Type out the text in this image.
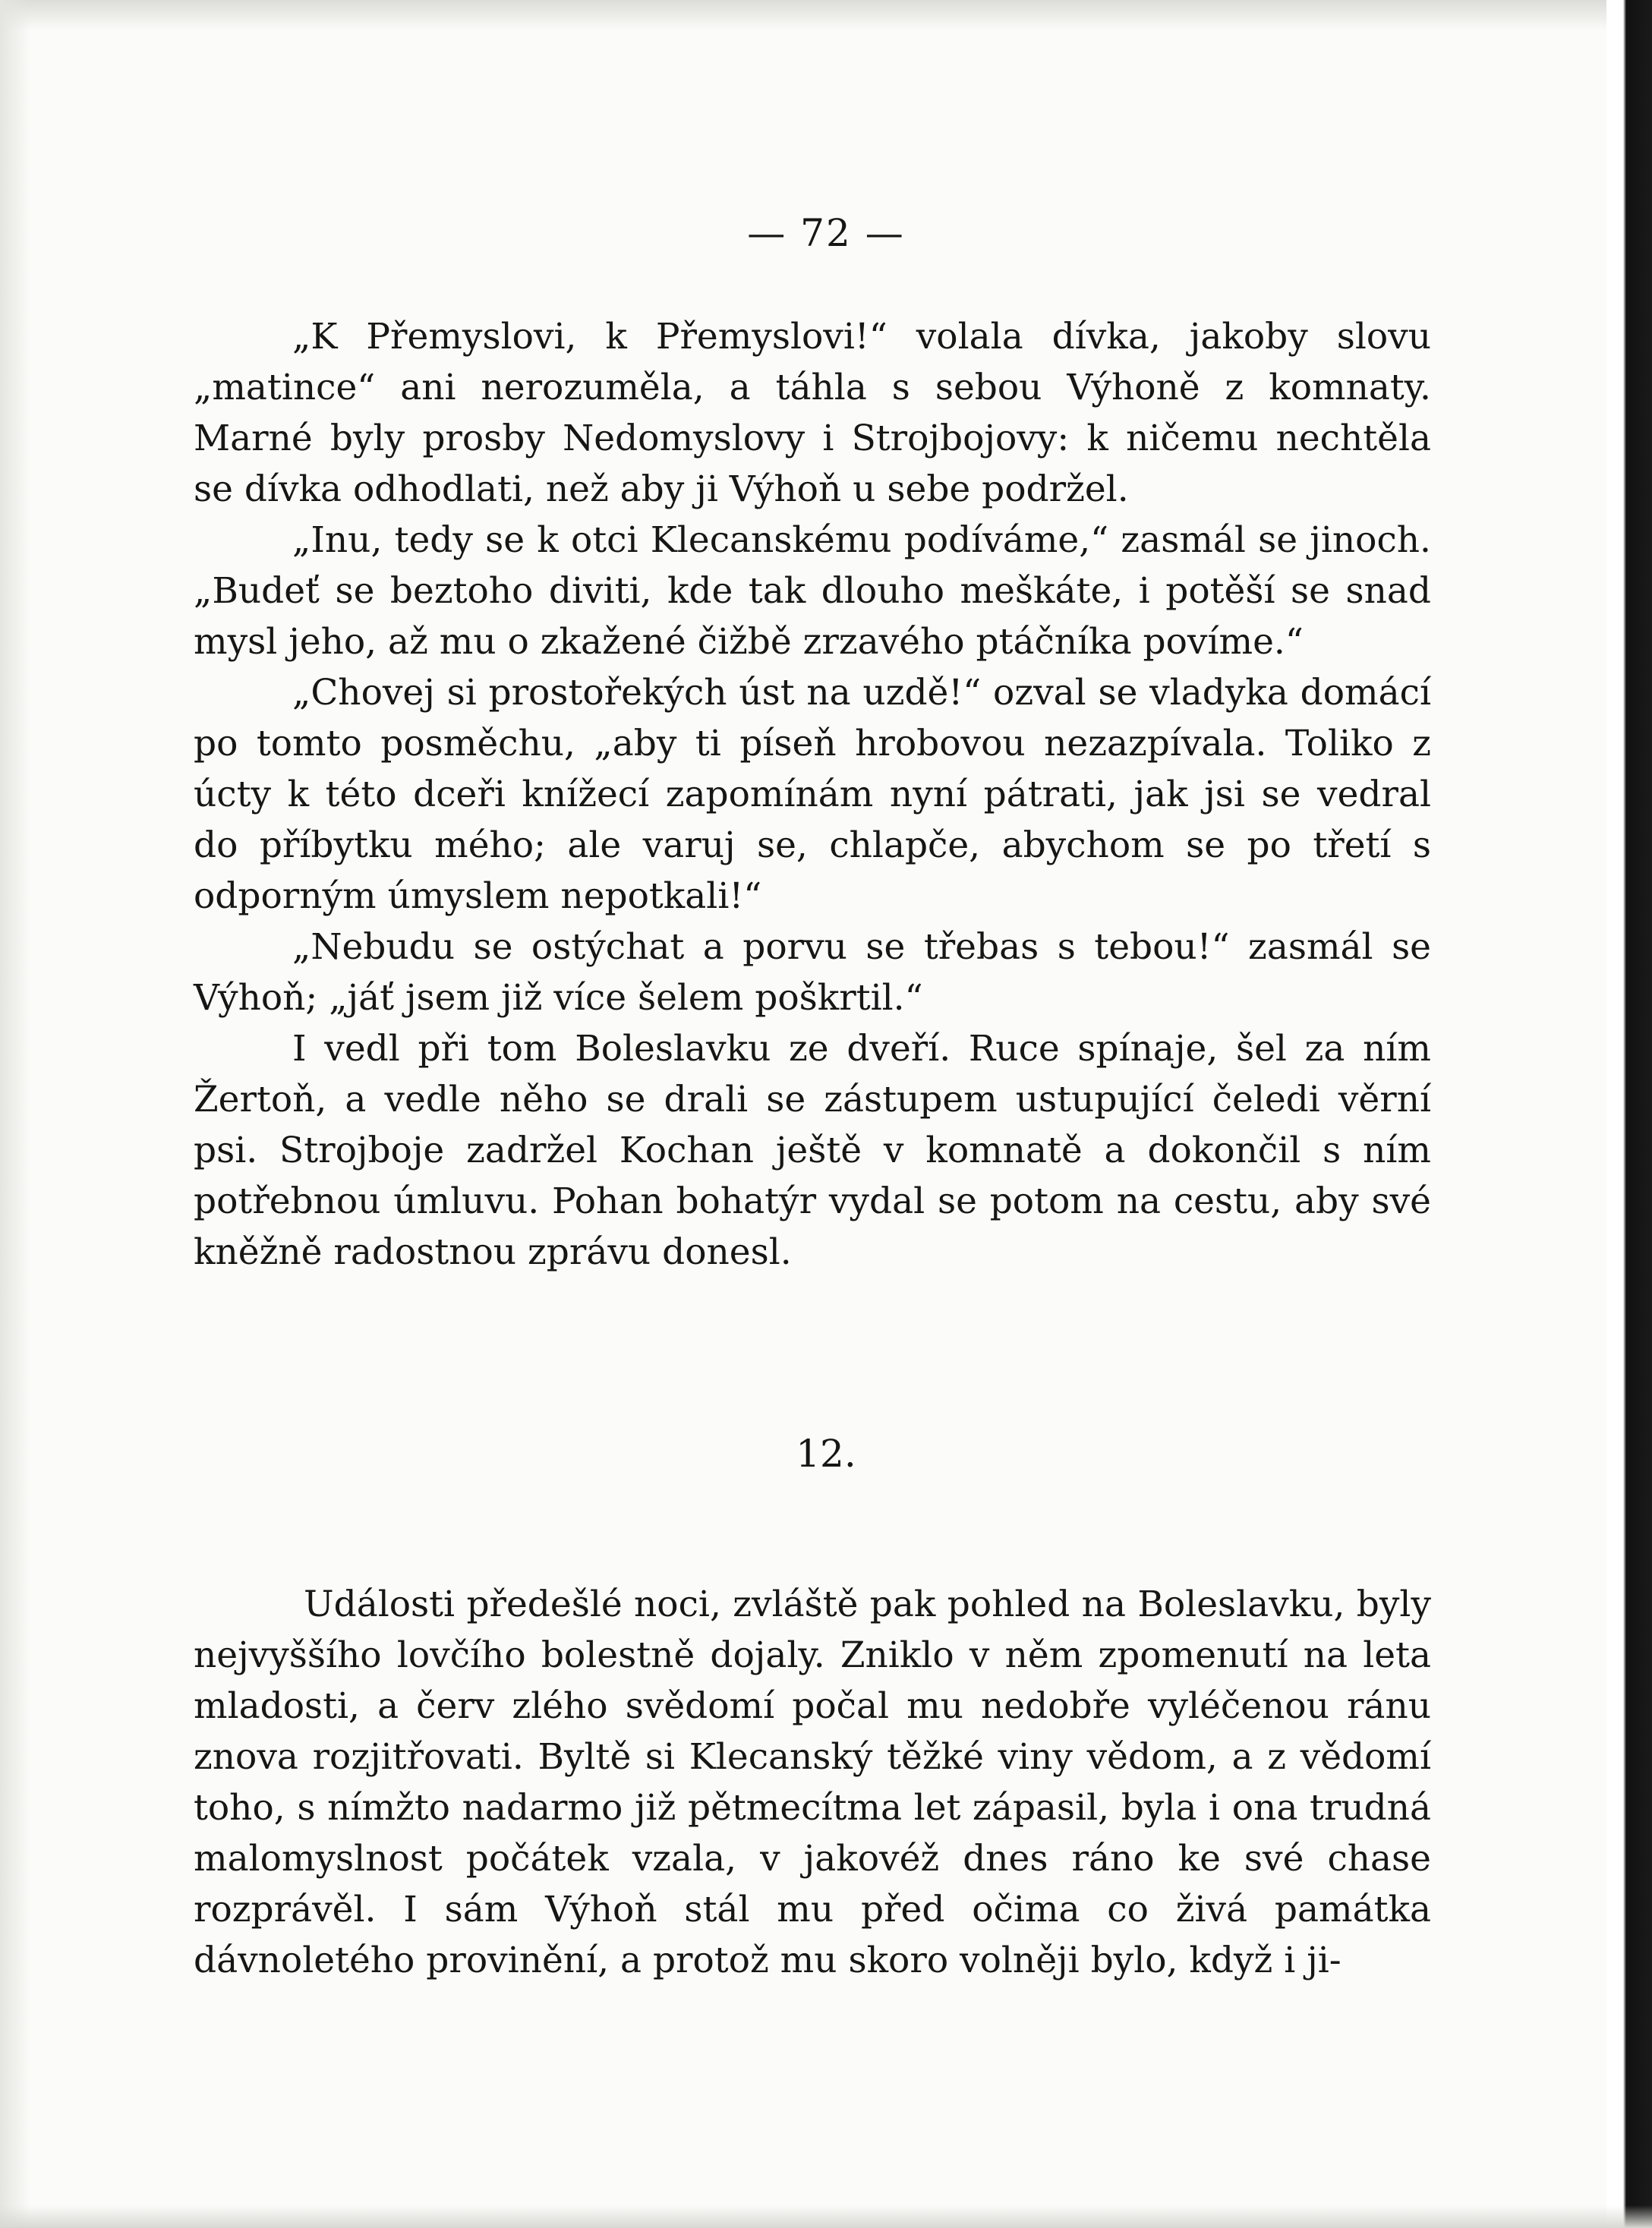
— 72 —

„K Přemyslovi, k Přemyslovi!“ volala dívka, jakoby slovu „matince“ ani nerozuměla, a táhla s sebou Výhoně z komnaty. Marné byly prosby Nedomyslovy i Strojbojovy: k ničemu nechtěla se dívka odhodlati, než aby ji Výhoň u sebe podržel.

„Inu, tedy se k otci Klecanskému podíváme,“ zasmál se jinoch. „Budeť se beztoho diviti, kde tak dlouho meškáte, i potěší se snad mysl jeho, až mu o zkažené čižbě zrzavého ptáčníka povíme.“

„Chovej si prostořekých úst na uzdě!“ ozval se vladyka domácí po tomto posměchu, „aby ti píseň hrobovou nezazpívala. Toliko z úcty k této dceři knížecí zapomínám nyní pátrati, jak jsi se vedral do příbytku mého; ale varuj se, chlapče, abychom se po třetí s odporným úmyslem nepotkali!“

„Nebudu se ostýchat a porvu se třebas s tebou!“ zasmál se Výhoň; „jáť jsem již více šelem poškrtil.“

I vedl při tom Boleslavku ze dveří. Ruce spínaje, šel za ním Žertoň, a vedle něho se drali se zástupem ustupující čeledi věrní psi. Strojboje zadržel Kochan ještě v komnatě a dokončil s ním potřebnou úmluvu. Pohan bohatýr vydal se potom na cestu, aby své kněžně radostnou zprávu donesl.

12.

Události předešlé noci, zvláště pak pohled na Boleslavku, byly nejvyššího lovčího bolestně dojaly. Zniklo v něm zpomenutí na leta mladosti, a červ zlého svědomí počal mu nedobře vyléčenou ránu znova rozjitřovati. Byltě si Klecanský těžké viny vědom, a z vědomí toho, s nímžto nadarmo již pětmecítma let zápasil, byla i ona trudná malomyslnost počátek vzala, v jakovéž dnes ráno ke své chase rozprávěl. I sám Výhoň stál mu před očima co živá památka dávnoletého provinění, a protož mu skoro volněji bylo, když i ji-
